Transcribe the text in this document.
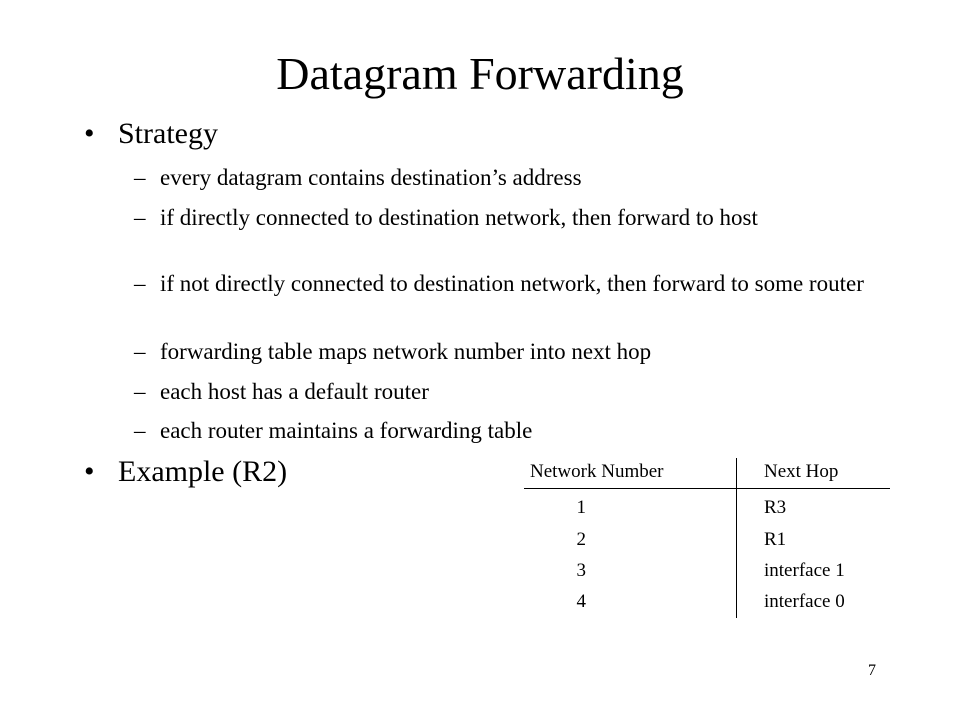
Datagram Forwarding
• Strategy
– every datagram contains destination’s address
– if directly connected to destination network, then forward to host
– if not directly connected to destination network, then forward to some router
– forwarding table maps network number into next hop
– each host has a default router
– each router maintains a forwarding table
• Example (R2)	Network Number	Next Hop
1	R3
2	R1
3	interface 1
4	interface 0
7
